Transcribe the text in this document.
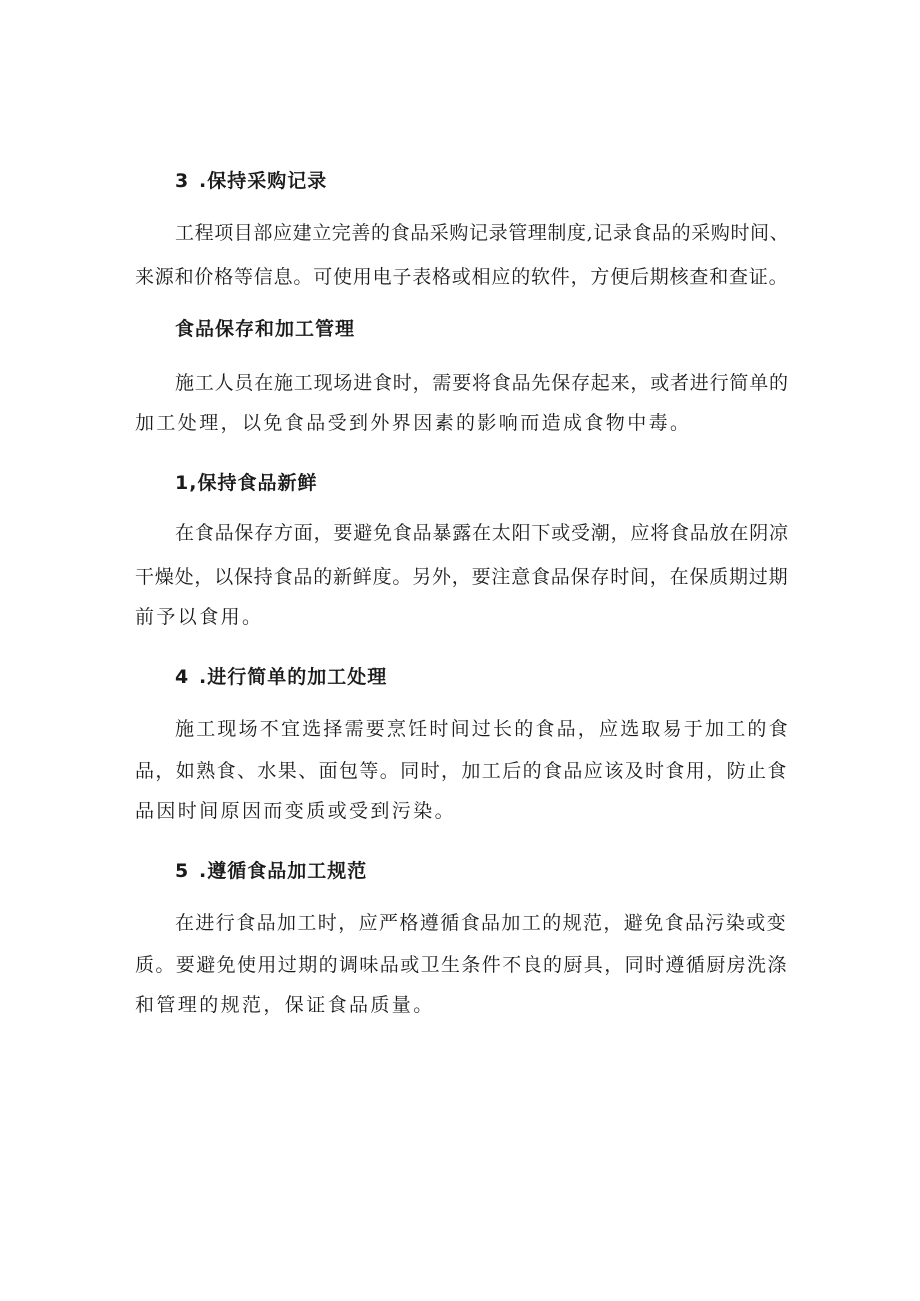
3 .保持采购记录
工程项目部应建立完善的食品采购记录管理制度,记录食品的采购时间、
来源和价格等信息。可使用电子表格或相应的软件，方便后期核查和查证。
食品保存和加工管理
施工人员在施工现场进食时，需要将食品先保存起来，或者进行简单的
加工处理，以免食品受到外界因素的影响而造成食物中毒。
1,保持食品新鲜
在食品保存方面，要避免食品暴露在太阳下或受潮，应将食品放在阴凉
干燥处，以保持食品的新鲜度。另外，要注意食品保存时间，在保质期过期
前予以食用。
4 .进行简单的加工处理
施工现场不宜选择需要烹饪时间过长的食品，应选取易于加工的食
品，如熟食、水果、面包等。同时，加工后的食品应该及时食用，防止食
品因时间原因而变质或受到污染。
5 .遵循食品加工规范
在进行食品加工时，应严格遵循食品加工的规范，避免食品污染或变
质。要避免使用过期的调味品或卫生条件不良的厨具，同时遵循厨房洗涤
和管理的规范，保证食品质量。
